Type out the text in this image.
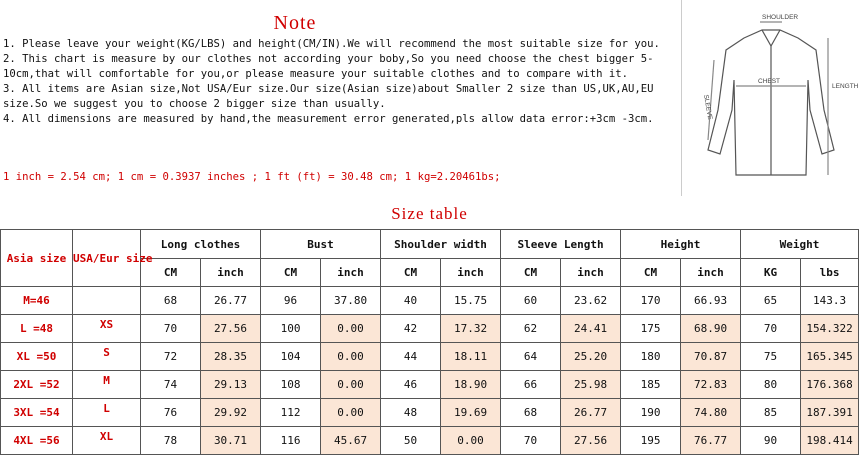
Note
1. Please leave your weight(KG/LBS) and height(CM/IN).We will recommend the most suitable size for you.
2. This chart is measure by our clothes not according your boby,So you need choose the chest bigger 5-10cm,that will comfortable for you,or please measure your suitable clothes and to compare with it.
3. All items are Asian size,Not USA/Eur size.Our size(Asian size)about Smaller 2 size than US,UK,AU,EU size.So we suggest you to choose 2 bigger size than usually.
4. All dimensions are measured by hand,the measurement error generated,pls allow data error:+3cm -3cm.
1 inch = 2.54 cm; 1 cm = 0.3937 inches ; 1 ft (ft) = 30.48 cm; 1 kg=2.20461bs;
SHOULDER
CHEST
LENGTH
SLEEVE
Size table
Asia size	USA/Eur size	Long clothes		Bust		Shoulder width		Sleeve Length		Height		Weight	
		CM	inch	CM	inch	CM	inch	CM	inch	CM	inch	KG	lbs
M=46		68	26.77	96	37.80	40	15.75	60	23.62	170	66.93	65	143.3
L =48	XS	70	27.56	100	0.00	42	17.32	62	24.41	175	68.90	70	154.322
XL =50	S	72	28.35	104	0.00	44	18.11	64	25.20	180	70.87	75	165.345
2XL =52	M	74	29.13	108	0.00	46	18.90	66	25.98	185	72.83	80	176.368
3XL =54	L	76	29.92	112	0.00	48	19.69	68	26.77	190	74.80	85	187.391
4XL =56	XL	78	30.71	116	45.67	50	0.00	70	27.56	195	76.77	90	198.414
